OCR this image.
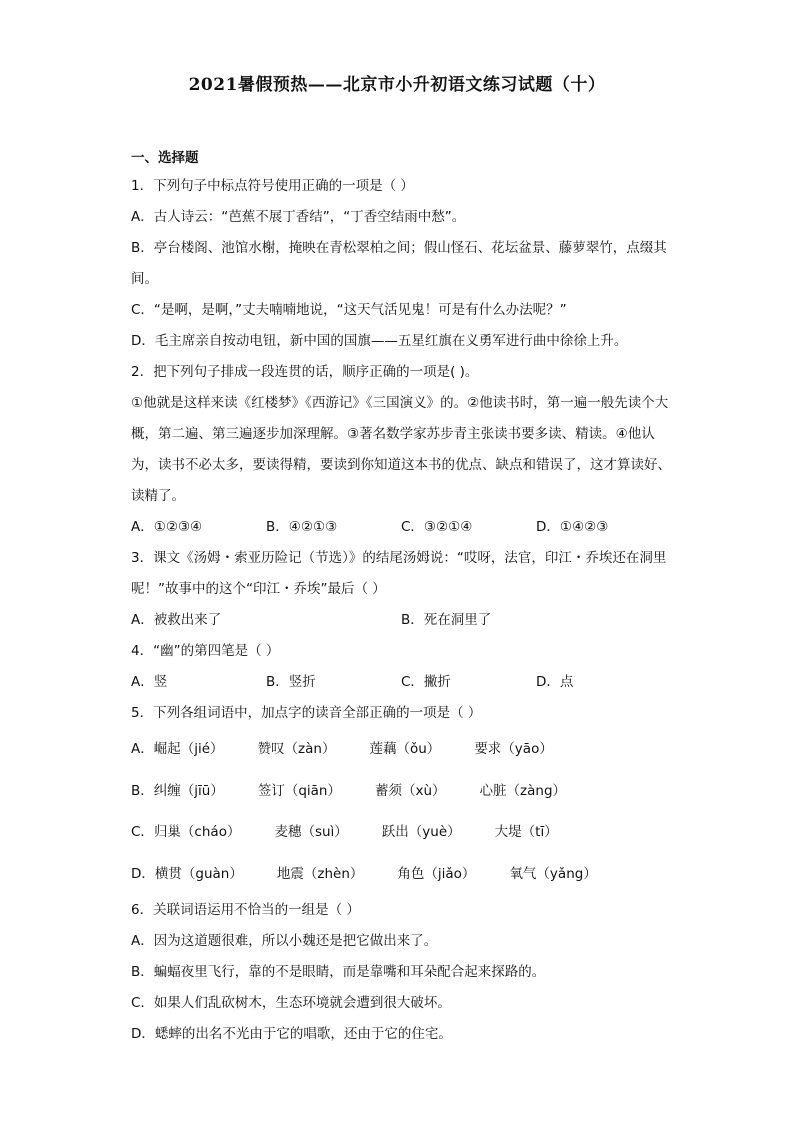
2021暑假预热——北京市小升初语文练习试题（十）
一、选择题
1．下列句子中标点符号使用正确的一项是（ ）
A．古人诗云：“芭蕉不展丁香结”，“丁香空结雨中愁”。
B．亭台楼阁、池馆水榭，掩映在青松翠柏之间；假山怪石、花坛盆景、藤萝翠竹，点缀其间。
C．“是啊，是啊，”丈夫喃喃地说，“这天气活见鬼！可是有什么办法呢？”
D．毛主席亲自按动电钮，新中国的国旗——五星红旗在义勇军进行曲中徐徐上升。
2．把下列句子排成一段连贯的话，顺序正确的一项是( )。
①他就是这样来读《红楼梦》《西游记》《三国演义》的。②他读书时，第一遍一般先读个大概，第二遍、第三遍逐步加深理解。③著名数学家苏步青主张读书要多读、精读。④他认为，读书不必太多，要读得精，要读到你知道这本书的优点、缺点和错误了，这才算读好、读精了。
A．①②③④	B．④②①③	C．③②①④	D．①④②③
3．课文《汤姆・索亚历险记（节选）》的结尾汤姆说：“哎呀，法官，印江・乔埃还在洞里呢！”故事中的这个“印江・乔埃”最后（ ）
A．被救出来了	B．死在洞里了
4．“幽”的第四笔是（ ）
A．竖	B．竖折	C．撇折	D．点
5．下列各组词语中，加点字的读音全部正确的一项是（ ）
A．崛起（jié）	赞叹（zàn）	莲藕（ǒu）	要求（yāo）
B．纠缠（jīū）	签订（qiān）	蓄须（xù）	心脏（zàng）
C．归巢（cháo）	麦穗（suì）	跃出（yuè）	大堤（tī）
D．横贯（guàn）	地震（zhèn）	角色（jiǎo）	氧气（yǎng）
6．关联词语运用不恰当的一组是（ ）
A．因为这道题很难，所以小魏还是把它做出来了。
B．蝙蝠夜里飞行，靠的不是眼睛，而是靠嘴和耳朵配合起来探路的。
C．如果人们乱砍树木，生态环境就会遭到很大破坏。
D．蟋蟀的出名不光由于它的唱歌，还由于它的住宅。
